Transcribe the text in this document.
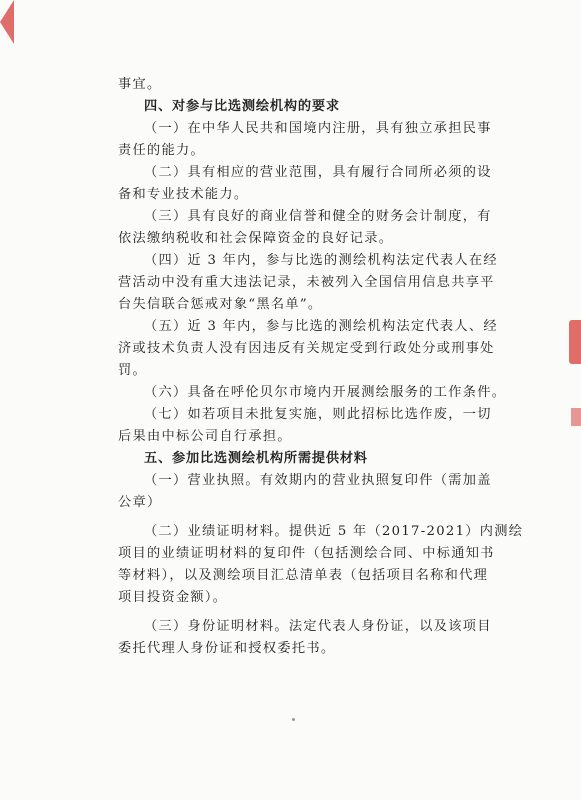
事宜。
四、对参与比选测绘机构的要求
（一）在中华人民共和国境内注册，具有独立承担民事
责任的能力。
（二）具有相应的营业范围，具有履行合同所必须的设
备和专业技术能力。
（三）具有良好的商业信誉和健全的财务会计制度，有
依法缴纳税收和社会保障资金的良好记录。
（四）近 3 年内，参与比选的测绘机构法定代表人在经
营活动中没有重大违法记录，未被列入全国信用信息共享平
台失信联合惩戒对象“黑名单”。
（五）近 3 年内，参与比选的测绘机构法定代表人、经
济或技术负责人没有因违反有关规定受到行政处分或刑事处
罚。
（六）具备在呼伦贝尔市境内开展测绘服务的工作条件。
（七）如若项目未批复实施，则此招标比选作废，一切
后果由中标公司自行承担。
五、参加比选测绘机构所需提供材料
（一）营业执照。有效期内的营业执照复印件（需加盖
公章）
（二）业绩证明材料。提供近 5 年（2017-2021）内测绘
项目的业绩证明材料的复印件（包括测绘合同、中标通知书
等材料），以及测绘项目汇总清单表（包括项目名称和代理
项目投资金额）。
（三）身份证明材料。法定代表人身份证，以及该项目
委托代理人身份证和授权委托书。
